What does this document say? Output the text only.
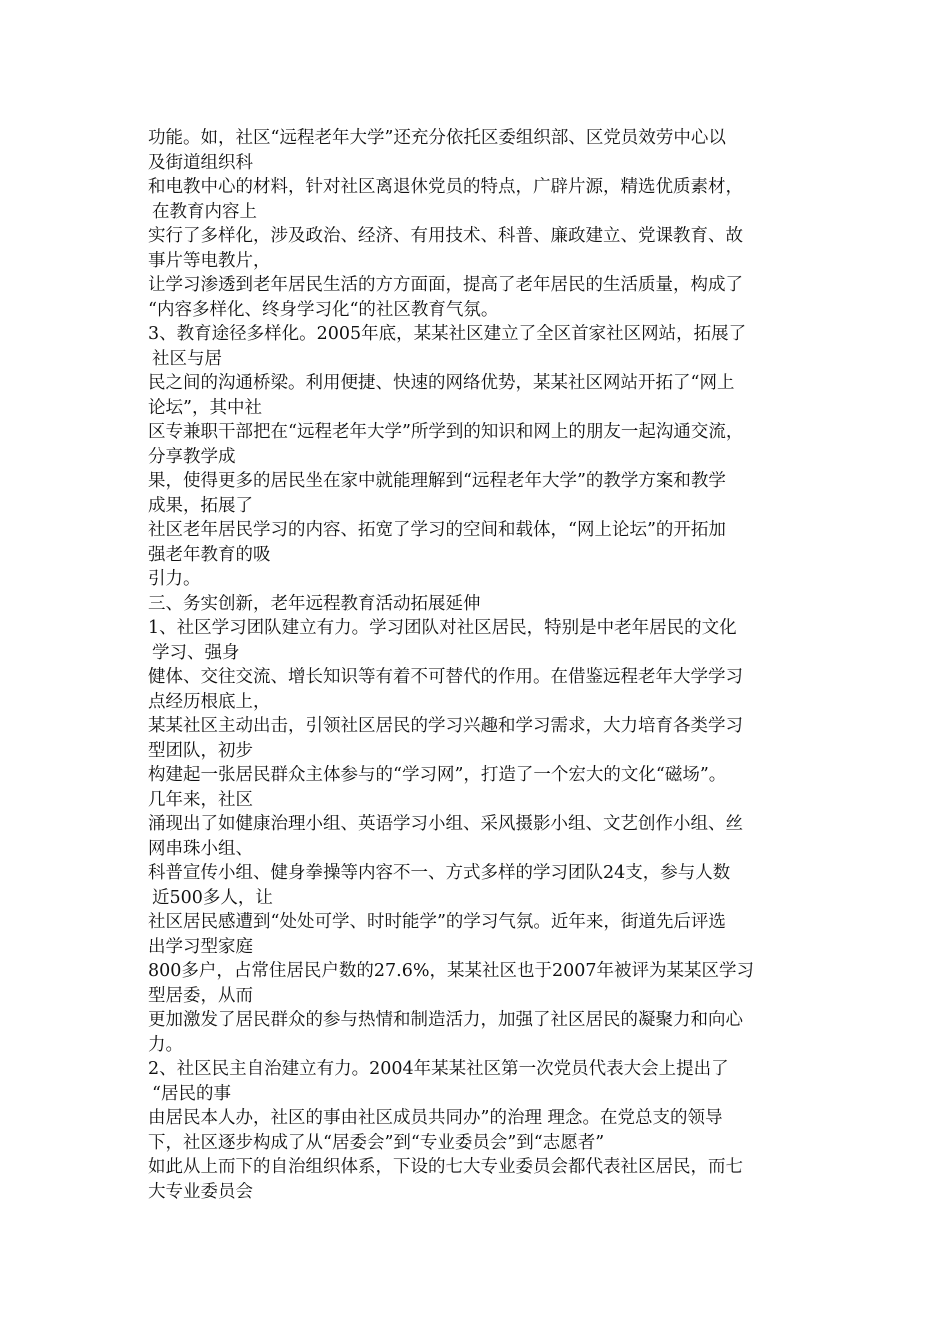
功能。如，社区“远程老年大学”还充分依托区委组织部、区党员效劳中心以
及街道组织科
和电教中心的材料，针对社区离退休党员的特点，广辟片源，精选优质素材，
在教育内容上
实行了多样化，涉及政治、经济、有用技术、科普、廉政建立、党课教育、故
事片等电教片，
让学习渗透到老年居民生活的方方面面，提高了老年居民的生活质量，构成了
“内容多样化、终身学习化“的社区教育气氛。
3、教育途径多样化。2005年底，某某社区建立了全区首家社区网站，拓展了
社区与居
民之间的沟通桥梁。利用便捷、快速的网络优势，某某社区网站开拓了“网上
论坛”，其中社
区专兼职干部把在“远程老年大学”所学到的知识和网上的朋友一起沟通交流，
分享教学成
果，使得更多的居民坐在家中就能理解到“远程老年大学”的教学方案和教学
成果，拓展了
社区老年居民学习的内容、拓宽了学习的空间和载体，“网上论坛”的开拓加
强老年教育的吸
引力。
三、务实创新，老年远程教育活动拓展延伸
1、社区学习团队建立有力。学习团队对社区居民，特别是中老年居民的文化
学习、强身
健体、交往交流、增长知识等有着不可替代的作用。在借鉴远程老年大学学习
点经历根底上，
某某社区主动出击，引领社区居民的学习兴趣和学习需求，大力培育各类学习
型团队，初步
构建起一张居民群众主体参与的“学习网”，打造了一个宏大的文化“磁场”。
几年来，社区
涌现出了如健康治理小组、英语学习小组、采风摄影小组、文艺创作小组、丝
网串珠小组、
科普宣传小组、健身拳操等内容不一、方式多样的学习团队24支，参与人数
近500多人，让
社区居民感遭到“处处可学、时时能学”的学习气氛。近年来，街道先后评选
出学习型家庭
800多户，占常住居民户数的27.6%，某某社区也于2007年被评为某某区学习
型居委，从而
更加激发了居民群众的参与热情和制造活力，加强了社区居民的凝聚力和向心
力。
2、社区民主自治建立有力。2004年某某社区第一次党员代表大会上提出了
“居民的事
由居民本人办，社区的事由社区成员共同办”的治理 理念。在党总支的领导
下，社区逐步构成了从“居委会”到“专业委员会”到“志愿者”
如此从上而下的自治组织体系，下设的七大专业委员会都代表社区居民，而七
大专业委员会
